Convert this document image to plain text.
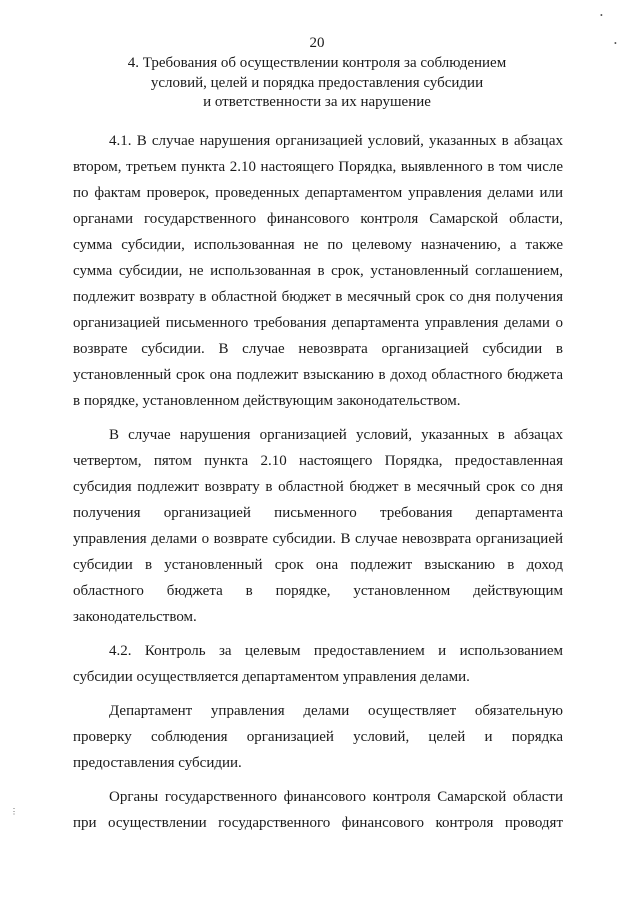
20
4. Требования об осуществлении контроля за соблюдением
условий, целей и порядка предоставления субсидии
и ответственности за их нарушение
4.1. В случае нарушения организацией условий, указанных в абзацах
втором, третьем пункта 2.10 настоящего Порядка, выявленного в том числе
по фактам проверок, проведенных департаментом управления делами или
органами государственного финансового контроля Самарской области,
сумма субсидии, использованная не по целевому назначению, а также
сумма субсидии, не использованная в срок, установленный соглашением,
подлежит возврату в областной бюджет в месячный срок со дня получения
организацией письменного требования департамента управления делами о
возврате субсидии. В случае невозврата организацией субсидии в
установленный срок она подлежит взысканию в доход областного бюджета
в порядке, установленном действующим законодательством.
В случае нарушения организацией условий, указанных в абзацах
четвертом, пятом пункта 2.10 настоящего Порядка, предоставленная
субсидия подлежит возврату в областной бюджет в месячный срок со дня
получения организацией письменного требования департамента
управления делами о возврате субсидии. В случае невозврата организацией
субсидии в установленный срок она подлежит взысканию в доход
областного бюджета в порядке, установленном действующим
законодательством.
4.2. Контроль за целевым предоставлением и использованием
субсидии осуществляется департаментом управления делами.
Департамент управления делами осуществляет обязательную
проверку соблюдения организацией условий, целей и порядка
предоставления субсидии.
Органы государственного финансового контроля Самарской области
при осуществлении государственного финансового контроля проводят
•
•
⋮
